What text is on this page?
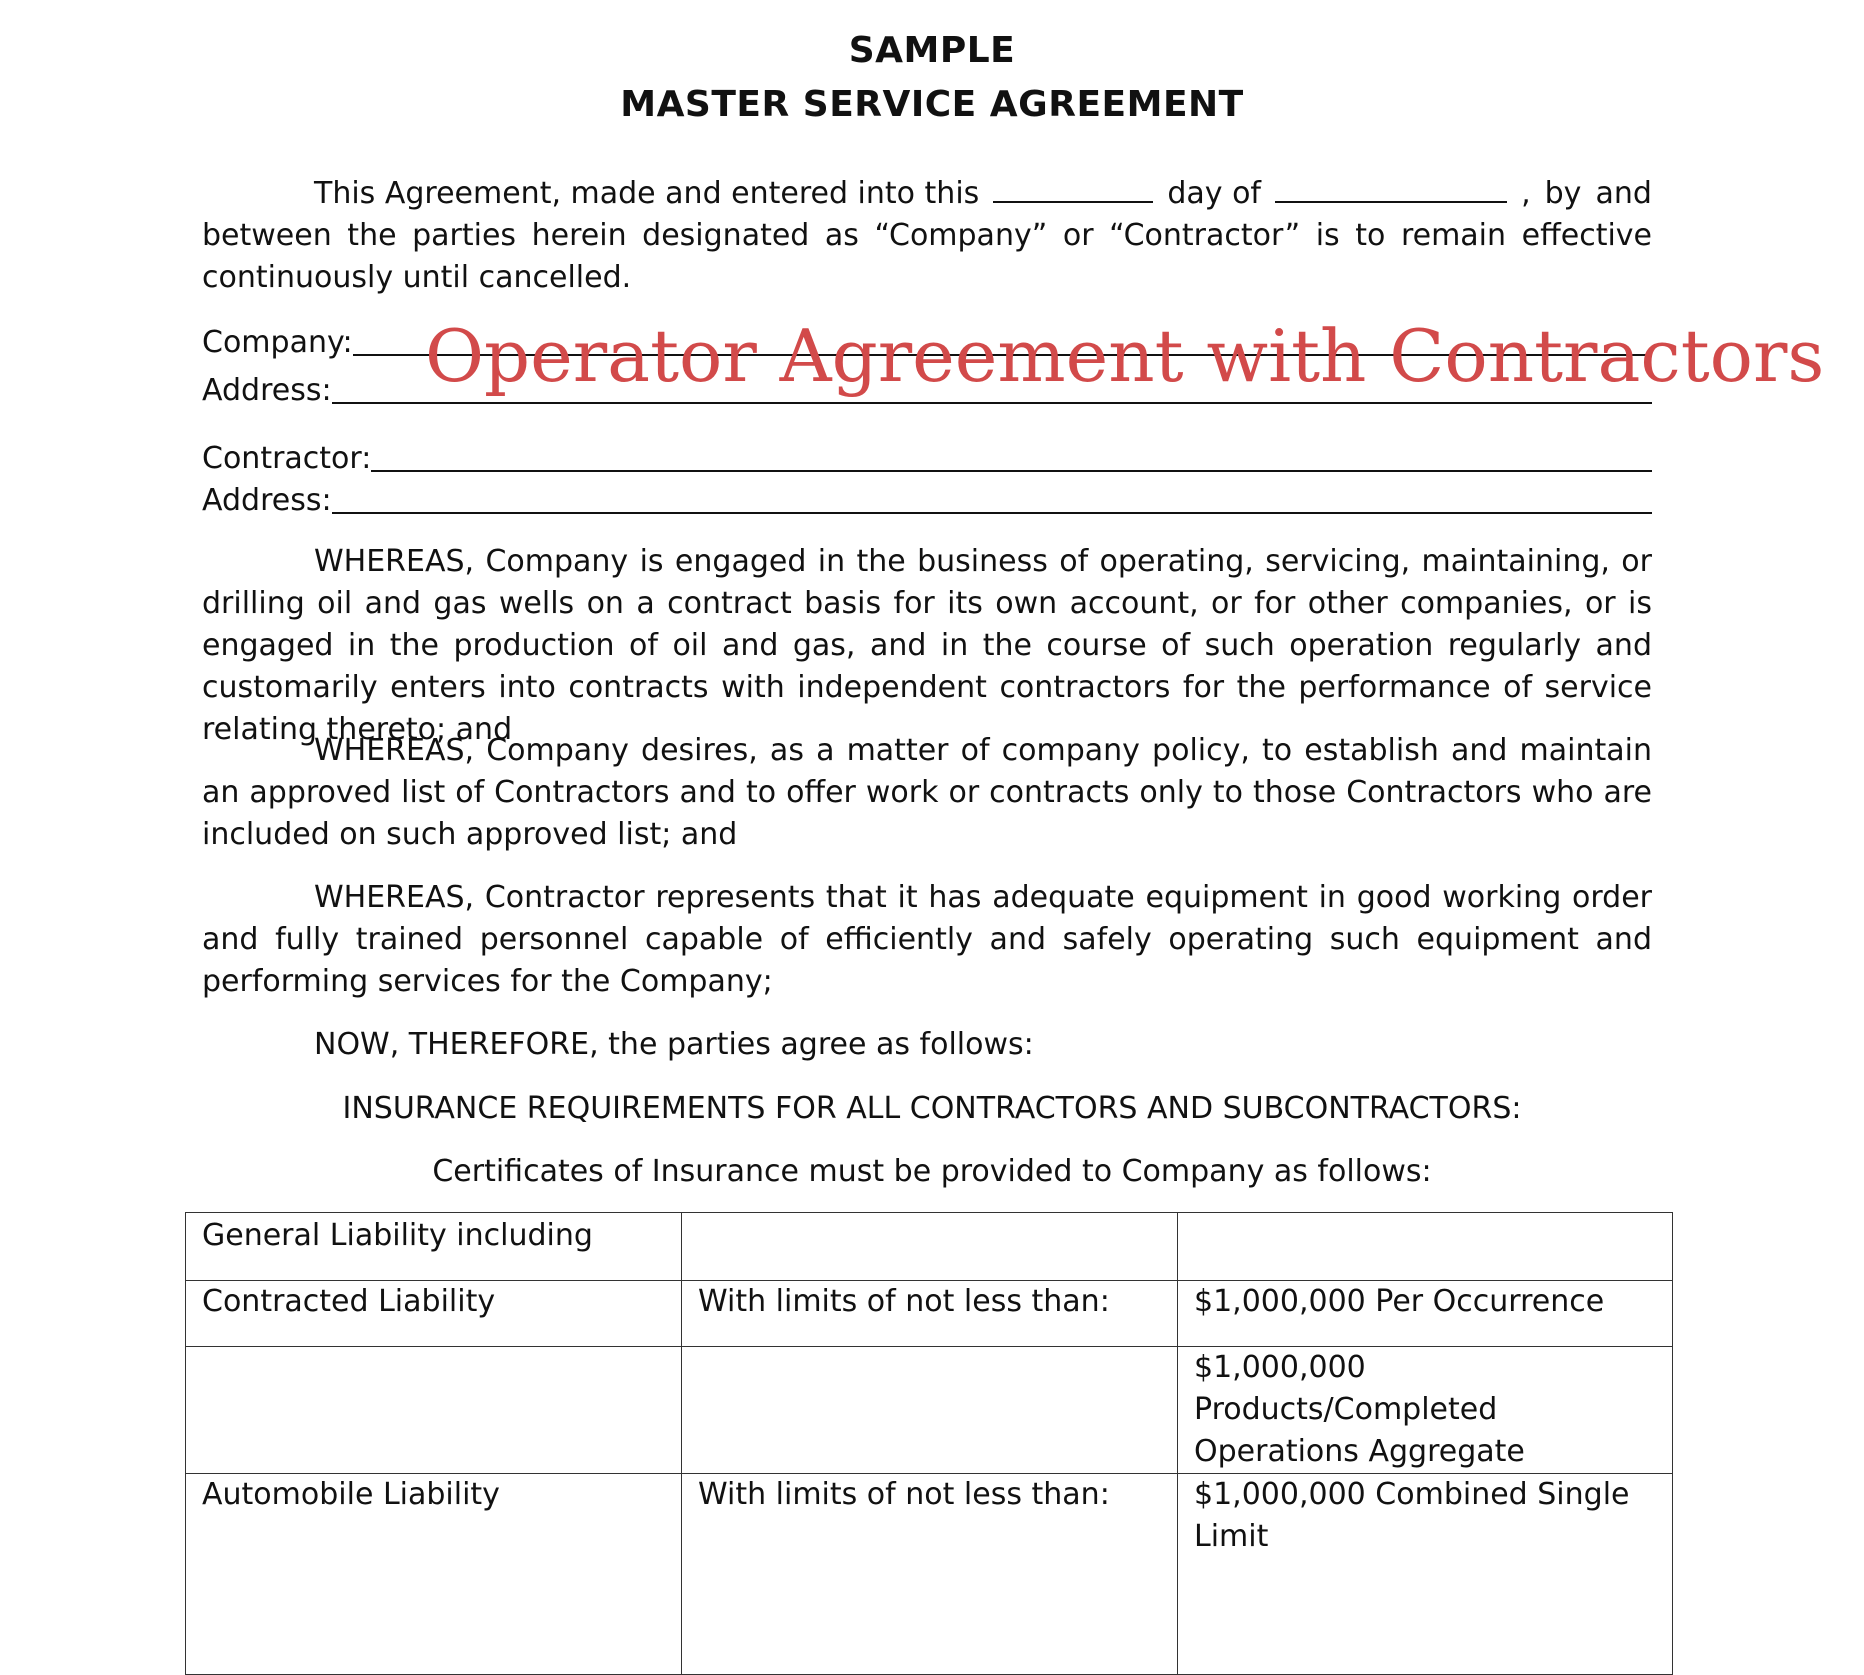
SAMPLE
MASTER SERVICE AGREEMENT
This Agreement, made and entered into this	day of	, by and
between the parties herein designated as “Company” or “Contractor” is to remain effective continuously until cancelled.
Company:
Address: Operator Agreement with Contractors
Contractor:
Address:
WHEREAS, Company is engaged in the business of operating, servicing, maintaining, or drilling oil and gas wells on a contract basis for its own account, or for other companies, or is engaged in the production of oil and gas, and in the course of such operation regularly and customarily enters into contracts with independent contractors for the performance of service relating thereto; and
WHEREAS, Company desires, as a matter of company policy, to establish and maintain an approved list of Contractors and to offer work or contracts only to those Contractors who are included on such approved list; and
WHEREAS, Contractor represents that it has adequate equipment in good working order and fully trained personnel capable of efficiently and safely operating such equipment and performing services for the Company;
NOW, THEREFORE, the parties agree as follows:
INSURANCE REQUIREMENTS FOR ALL CONTRACTORS AND SUBCONTRACTORS:
Certificates of Insurance must be provided to Company as follows:
General Liability including		
Contracted Liability	With limits of not less than:	$1,000,000 Per Occurrence
		$1,000,000 Products/Completed Operations Aggregate
Automobile Liability	With limits of not less than:	$1,000,000 Combined Single Limit
